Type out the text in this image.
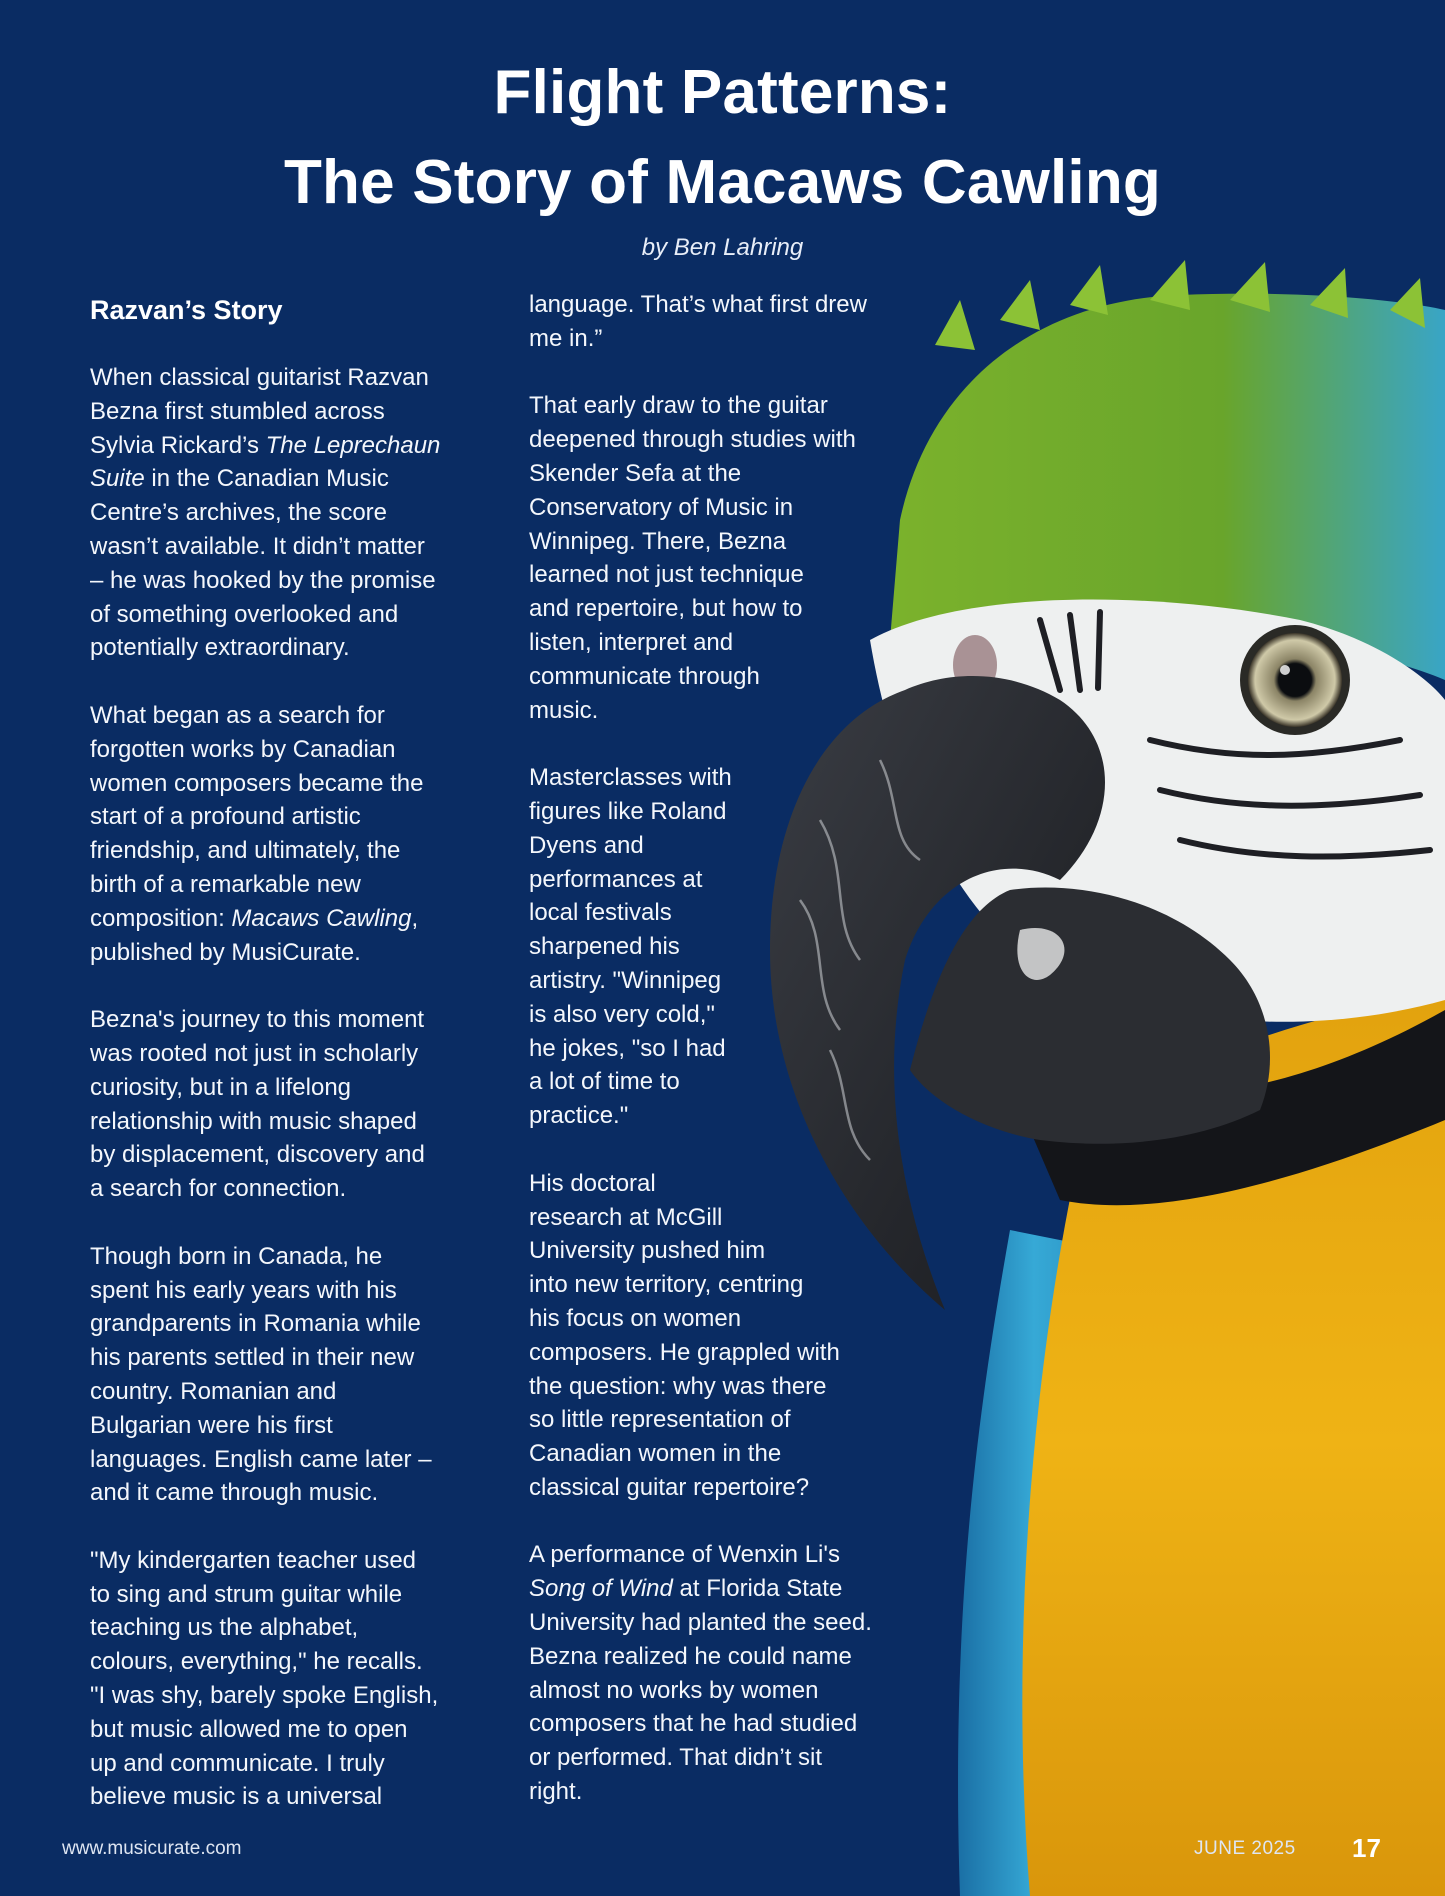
Flight Patterns:
The Story of Macaws Cawling
by Ben Lahring
Razvan’s Story

When classical guitarist Razvan
Bezna first stumbled across
Sylvia Rickard’s The Leprechaun
Suite in the Canadian Music
Centre’s archives, the score
wasn’t available. It didn’t matter
– he was hooked by the promise
of something overlooked and
potentially extraordinary.

What began as a search for
forgotten works by Canadian
women composers became the
start of a profound artistic
friendship, and ultimately, the
birth of a remarkable new
composition: Macaws Cawling,
published by MusiCurate.

Bezna's journey to this moment
was rooted not just in scholarly
curiosity, but in a lifelong
relationship with music shaped
by displacement, discovery and
a search for connection.

Though born in Canada, he
spent his early years with his
grandparents in Romania while
his parents settled in their new
country. Romanian and
Bulgarian were his first
languages. English came later –
and it came through music.

"My kindergarten teacher used
to sing and strum guitar while
teaching us the alphabet,
colours, everything," he recalls.
"I was shy, barely spoke English,
but music allowed me to open
up and communicate. I truly
believe music is a universal

language. That’s what first drew
me in.”

That early draw to the guitar
deepened through studies with
Skender Sefa at the
Conservatory of Music in
Winnipeg. There, Bezna
learned not just technique
and repertoire, but how to
listen, interpret and
communicate through
music.

Masterclasses with
figures like Roland
Dyens and
performances at
local festivals
sharpened his
artistry. "Winnipeg
is also very cold,"
he jokes, "so I had
a lot of time to
practice."

His doctoral
research at McGill
University pushed him
into new territory, centring
his focus on women
composers. He grappled with
the question: why was there
so little representation of
Canadian women in the
classical guitar repertoire?

A performance of Wenxin Li's
Song of Wind at Florida State
University had planted the seed.
Bezna realized he could name
almost no works by women
composers that he had studied
or performed. That didn’t sit
right.

www.musicurate.com	JUNE 2025 17
